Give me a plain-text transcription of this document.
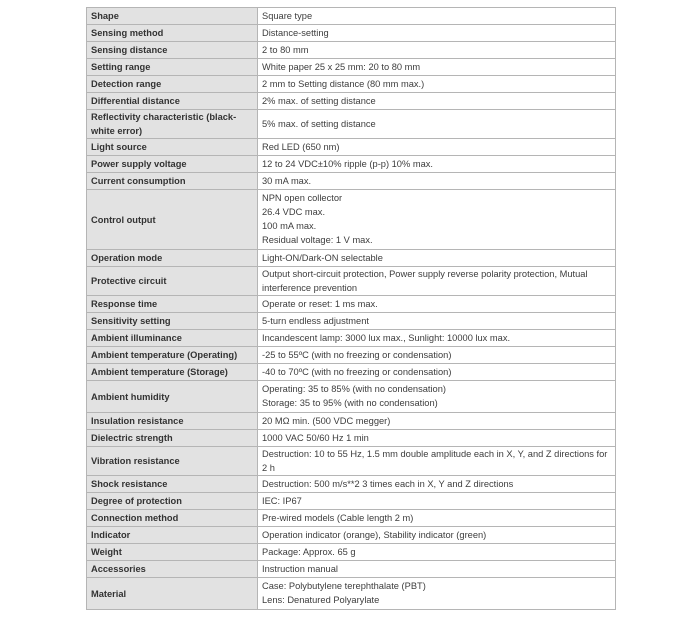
Shape	Square type

Sensing method	Distance-setting

Sensing distance	2 to 80 mm

Setting range	White paper 25 x 25 mm: 20 to 80 mm

Detection range	2 mm to Setting distance (80 mm max.)

Differential distance	2% max. of setting distance

Reflectivity characteristic (black-white error)	5% max. of setting distance

Light source	Red LED (650 nm)

Power supply voltage	12 to 24 VDC±10% ripple (p-p) 10% max.

Current consumption	30 mA max.

Control output	NPN open collector
26.4 VDC max.
100 mA max.
Residual voltage: 1 V max.

Operation mode	Light-ON/Dark-ON selectable

Protective circuit	Output short-circuit protection, Power supply reverse polarity protection, Mutual interference prevention

Response time	Operate or reset: 1 ms max.

Sensitivity setting	5-turn endless adjustment

Ambient illuminance	Incandescent lamp: 3000 lux max., Sunlight: 10000 lux max.

Ambient temperature (Operating)	-25 to 55ºC (with no freezing or condensation)

Ambient temperature (Storage)	-40 to 70ºC (with no freezing or condensation)

Ambient humidity	Operating: 35 to 85% (with no condensation)
Storage: 35 to 95% (with no condensation)

Insulation resistance	20 MΩ min. (500 VDC megger)

Dielectric strength	1000 VAC 50/60 Hz 1 min

Vibration resistance	Destruction: 10 to 55 Hz, 1.5 mm double amplitude each in X, Y, and Z directions for 2 h

Shock resistance	Destruction: 500 m/s**2 3 times each in X, Y and Z directions

Degree of protection	IEC: IP67

Connection method	Pre-wired models (Cable length 2 m)

Indicator	Operation indicator (orange), Stability indicator (green)

Weight	Package: Approx. 65 g

Accessories	Instruction manual

Material	Case: Polybutylene terephthalate (PBT)
Lens: Denatured Polyarylate
